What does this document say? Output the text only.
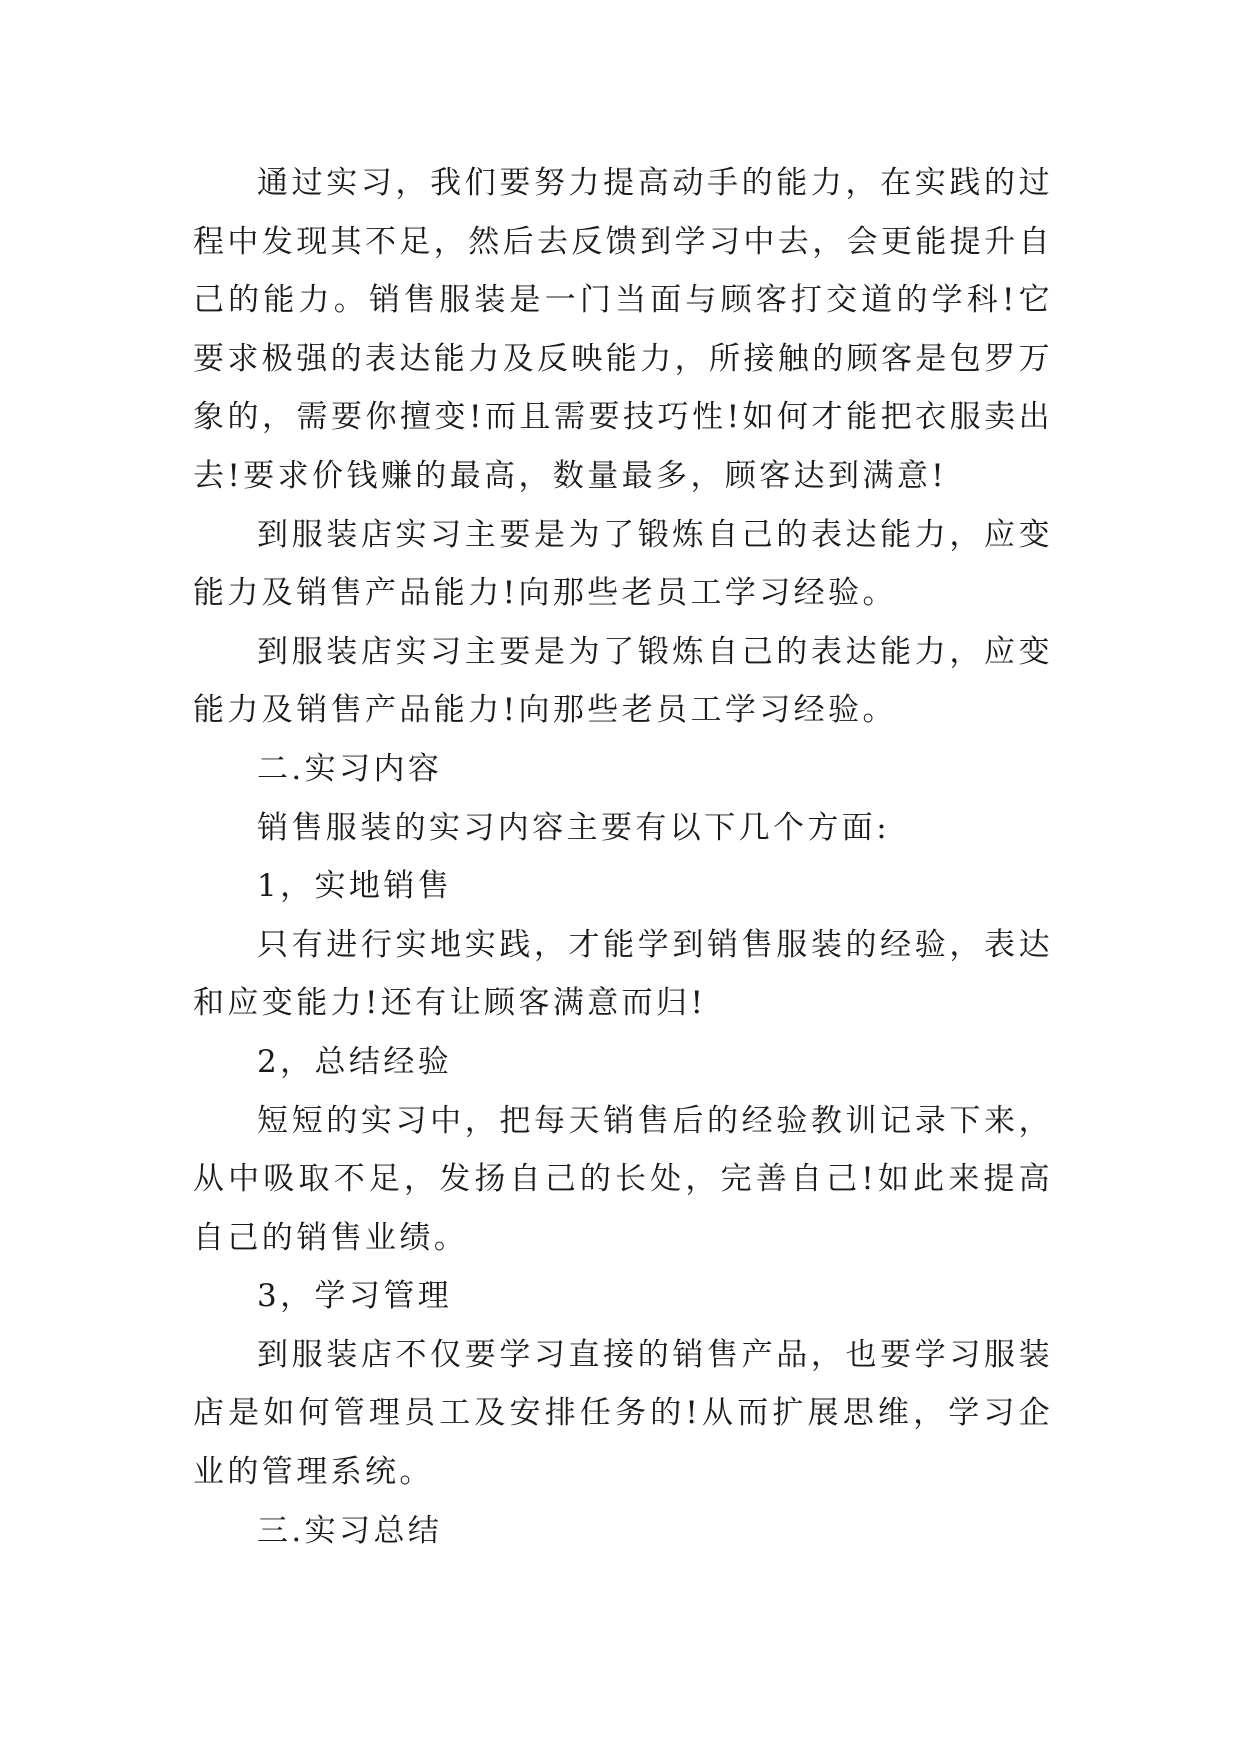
通过实习，我们要努力提高动手的能力，在实践的过程中发现其不足，然后去反馈到学习中去，会更能提升自己的能力。销售服装是一门当面与顾客打交道的学科!它要求极强的表达能力及反映能力，所接触的顾客是包罗万象的，需要你擅变!而且需要技巧性!如何才能把衣服卖出去!要求价钱赚的最高，数量最多，顾客达到满意!

到服装店实习主要是为了锻炼自己的表达能力，应变能力及销售产品能力!向那些老员工学习经验。

到服装店实习主要是为了锻炼自己的表达能力，应变能力及销售产品能力!向那些老员工学习经验。

二.实习内容

销售服装的实习内容主要有以下几个方面:

1，实地销售

只有进行实地实践，才能学到销售服装的经验，表达和应变能力!还有让顾客满意而归!

2，总结经验

短短的实习中，把每天销售后的经验教训记录下来，从中吸取不足，发扬自己的长处，完善自己!如此来提高自己的销售业绩。

3，学习管理

到服装店不仅要学习直接的销售产品，也要学习服装店是如何管理员工及安排任务的!从而扩展思维，学习企业的管理系统。

三.实习总结
